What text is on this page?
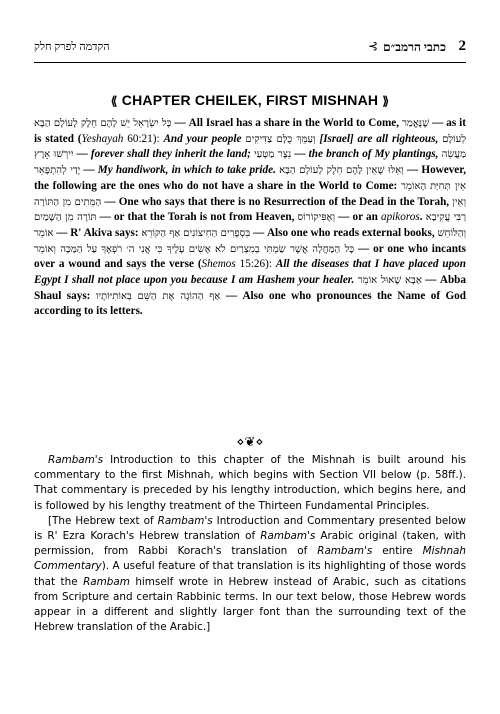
2
⊰ כתבי הרמב״ם
הקדמה לפרק חלק
⟪ CHAPTER CHEILEK, FIRST MISHNAH ⟫
כָּל יִשְׂרָאֵל יֵשׁ לָהֶם חֵלֶק לָעוֹלָם הַבָּא — All Israel has a share in the World to Come, שֶׁנֶּאֱמַר — as it is stated (Yeshayah 60:21): And your people וְעַמֵּךְ כֻּלָּם צַדִּיקִים [Israel] are all righteous, לְעוֹלָם יִירְשׁוּ אָרֶץ — forever shall they inherit the land; נֵצֶר מַטָּעַי — the branch of My plantings, מַעֲשֵׂה יָדַי לְהִתְפָּאֵר — My handiwork, in which to take pride. וְאֵלּוּ שֶׁאֵין לָהֶם חֵלֶק לָעוֹלָם הַבָּא — However, the following are the ones who do not have a share in the World to Come: הָאוֹמֵר אֵין תְּחִיַּת הַמֵּתִים מִן הַתּוֹרָה — One who says that there is no Resurrection of the Dead in the Torah, וְאֵין תּוֹרָה מִן הַשָּׁמַיִם — or that the Torah is not from Heaven, וְאֶפִּיקוֹרוֹס — or an apikoros. רַבִּי עֲקִיבָא אוֹמֵר — R' Akiva says: אַף הַקּוֹרֵא בִּסְפָרִים הַחִיצוֹנִים — Also one who reads external books, וְהַלּוֹחֵשׁ עַל הַמַּכָּה וְאוֹמֵר כָּל הַמַּחֲלָה אֲשֶׁר שַׂמְתִּי בְמִצְרַיִם לֹא אָשִׂים עָלֶיךָ כִּי אֲנִי ה׳ רֹפְאֶךָ — or one who incants over a wound and says the verse (Shemos 15:26): All the diseases that I have placed upon Egypt I shall not place upon you because I am Hashem your healer. אַבָּא שָׁאוּל אוֹמֵר — Abba Shaul says: אַף הַהוֹגֶה אֶת הַשֵּׁם בְּאוֹתִיּוֹתָיו — Also one who pronounces the Name of God according to its letters.
⋄❦⋄

Rambam's Introduction to this chapter of the Mishnah is built around his commentary to the first Mishnah, which begins with Section VII below (p. 58ff.). That commentary is preceded by his lengthy introduction, which begins here, and is followed by his lengthy treatment of the Thirteen Fundamental Principles.

[The Hebrew text of Rambam's Introduction and Commentary presented below is R' Ezra Korach's Hebrew translation of Rambam's Arabic original (taken, with permission, from Rabbi Korach's translation of Rambam's entire Mishnah Commentary). A useful feature of that translation is its highlighting of those words that the Rambam himself wrote in Hebrew instead of Arabic, such as citations from Scripture and certain Rabbinic terms. In our text below, those Hebrew words appear in a different and slightly larger font than the surrounding text of the Hebrew translation of the Arabic.]
